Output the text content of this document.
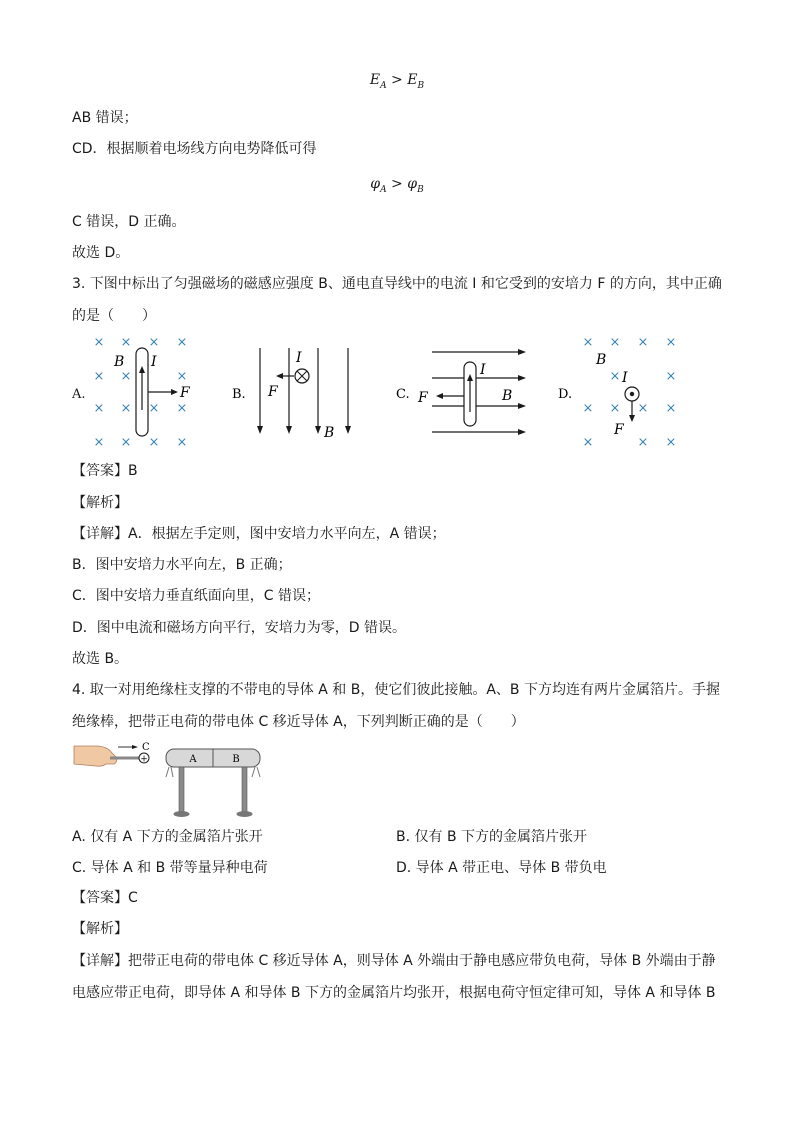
$E_A > E_B$
AB 错误；
CD．根据顺着电场线方向电势降低可得
$\varphi_A > \varphi_B$
C 错误，D 正确。
故选 D。
3. 下图中标出了匀强磁场的磁感应强度 B、通电直导线中的电流 I 和它受到的安培力 F 的方向，其中正确
的是（　　）
× × × ×
× ×	×
× × × ×
× × × ×
A.
B I
F	B.
I
F
B
C.
I
F	B	D.
× × × ×
×	×
× × × ×
×	× ×
B
I
F
【答案】B
【解析】
【详解】A．根据左手定则，图中安培力水平向左，A 错误；
B．图中安培力水平向左，B 正确；
C．图中安培力垂直纸面向里，C 错误；
D．图中电流和磁场方向平行，安培力为零，D 错误。
故选 B。
4. 取一对用绝缘柱支撑的不带电的导体 A 和 B，使它们彼此接触。A、B 下方均连有两片金属箔片。手握
绝缘棒，把带正电荷的带电体 C 移近导体 A，下列判断正确的是（　　）
+
C
A	B
A. 仅有 A 下方的金属箔片张开	B. 仅有 B 下方的金属箔片张开
C. 导体 A 和 B 带等量异种电荷	D. 导体 A 带正电、导体 B 带负电
【答案】C
【解析】
【详解】把带正电荷的带电体 C 移近导体 A，则导体 A 外端由于静电感应带负电荷，导体 B 外端由于静
电感应带正电荷，即导体 A 和导体 B 下方的金属箔片均张开，根据电荷守恒定律可知，导体 A 和导体 B
